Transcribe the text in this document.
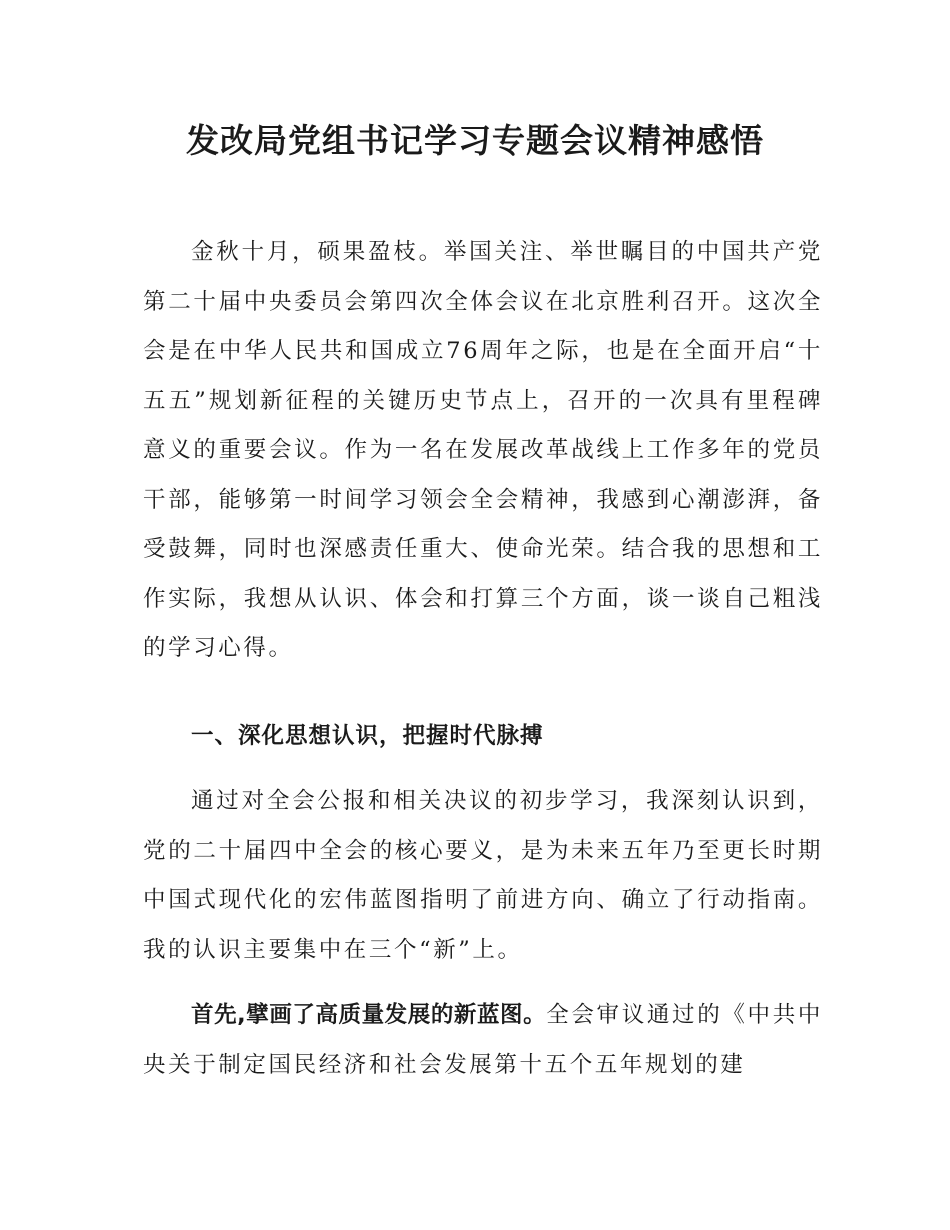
发改局党组书记学习专题会议精神感悟

金秋十月，硕果盈枝。举国关注、举世瞩目的中国共产党第二十届中央委员会第四次全体会议在北京胜利召开。这次全会是在中华人民共和国成立76周年之际，也是在全面开启“十五五”规划新征程的关键历史节点上，召开的一次具有里程碑意义的重要会议。作为一名在发展改革战线上工作多年的党员干部，能够第一时间学习领会全会精神，我感到心潮澎湃，备受鼓舞，同时也深感责任重大、使命光荣。结合我的思想和工作实际，我想从认识、体会和打算三个方面，谈一谈自己粗浅的学习心得。

一、深化思想认识，把握时代脉搏

通过对全会公报和相关决议的初步学习，我深刻认识到，党的二十届四中全会的核心要义，是为未来五年乃至更长时期中国式现代化的宏伟蓝图指明了前进方向、确立了行动指南。我的认识主要集中在三个“新”上。

首先,擘画了高质量发展的新蓝图。全会审议通过的《中共中央关于制定国民经济和社会发展第十五个五年规划的建
